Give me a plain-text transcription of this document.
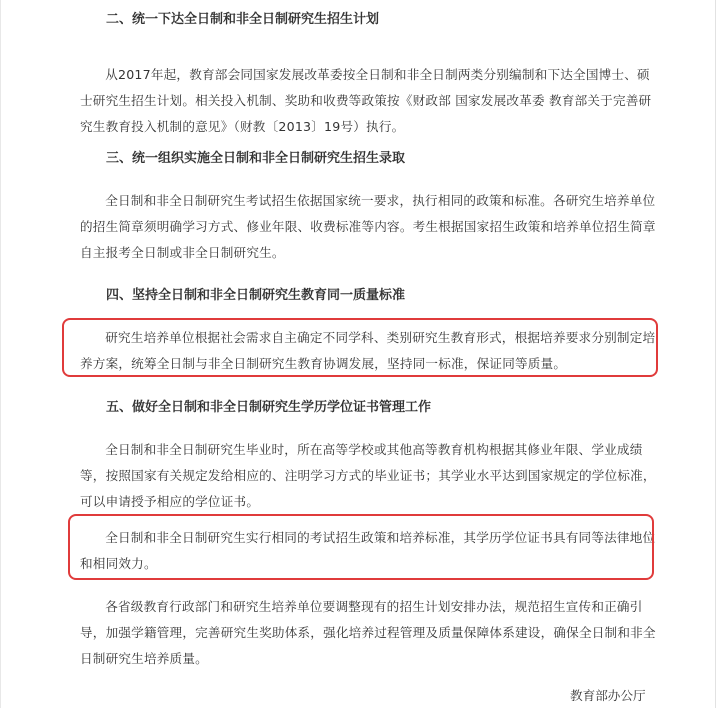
二、统一下达全日制和非全日制研究生招生计划

从2017年起，教育部会同国家发展改革委按全日制和非全日制两类分别编制和下达全国博士、硕士研究生招生计划。相关投入机制、奖助和收费等政策按《财政部 国家发展改革委 教育部关于完善研究生教育投入机制的意见》（财教〔2013〕19号）执行。

三、统一组织实施全日制和非全日制研究生招生录取

全日制和非全日制研究生考试招生依据国家统一要求，执行相同的政策和标准。各研究生培养单位的招生简章须明确学习方式、修业年限、收费标准等内容。考生根据国家招生政策和培养单位招生简章自主报考全日制或非全日制研究生。

四、坚持全日制和非全日制研究生教育同一质量标准

研究生培养单位根据社会需求自主确定不同学科、类别研究生教育形式，根据培养要求分别制定培养方案，统筹全日制与非全日制研究生教育协调发展，坚持同一标准，保证同等质量。

五、做好全日制和非全日制研究生学历学位证书管理工作

全日制和非全日制研究生毕业时，所在高等学校或其他高等教育机构根据其修业年限、学业成绩等，按照国家有关规定发给相应的、注明学习方式的毕业证书；其学业水平达到国家规定的学位标准，可以申请授予相应的学位证书。

全日制和非全日制研究生实行相同的考试招生政策和培养标准，其学历学位证书具有同等法律地位和相同效力。

各省级教育行政部门和研究生培养单位要调整现有的招生计划安排办法，规范招生宣传和正确引导，加强学籍管理，完善研究生奖助体系，强化培养过程管理及质量保障体系建设，确保全日制和非全日制研究生培养质量。

教育部办公厅
